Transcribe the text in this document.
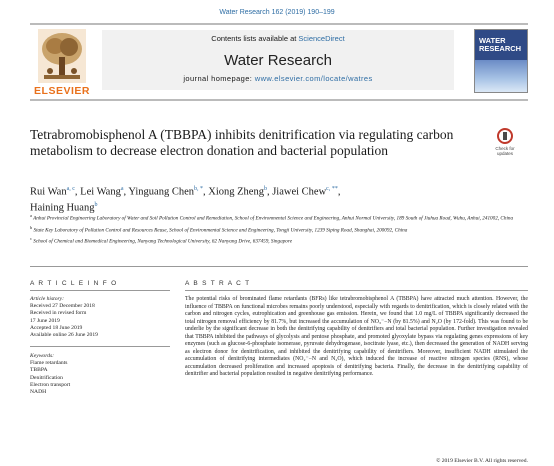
Water Research 162 (2019) 190–199
ELSEVIER
Contents lists available at ScienceDirect
Water Research
journal homepage: www.elsevier.com/locate/watres
WATER RESEARCH
Tetrabromobisphenol A (TBBPA) inhibits denitrification via regulating carbon metabolism to decrease electron donation and bacterial population	Check for updates
Rui Wan$^{a, c}$, Lei Wang$^a$, Yinguang Chen$^{b, *}$, Xiong Zheng$^b$, Jiawei Chew$^{c, **}$,
Haining Huang$^b$

$^a$ Anhui Provincial Engineering Laboratory of Water and Soil Pollution Control and Remediation, School of Environmental Science and Engineering, Anhui Normal University, 189 South of Jiuhua Road, Wuhu, Anhui, 241002, China

$^b$ State Key Laboratory of Pollution Control and Resources Reuse, School of Environmental Science and Engineering, Tongji University, 1239 Siping Road, Shanghai, 200092, China

$^c$ School of Chemical and Biomedical Engineering, Nanyang Technological University, 62 Nanyang Drive, 637459, Singapore

A R T I C L E I N F O	A B S T R A C T
Article history:
Received 27 December 2018
Received in revised form
17 June 2019
Accepted 18 June 2019
Available online 26 June 2019
Keywords:
Flame retardants
TBBPA
Denitrification
Electron transport
NADH
The potential risks of brominated flame retardants (BFRs) like tetrabromobisphenol A (TBBPA) have attracted much attention. However, the influence of TBBPA on functional microbes remains poorly understood, especially with regards to denitrification, which is closely related with the carbon and nitrogen cycles, eutrophication and greenhouse gas emission. Herein, we found that 1.0 mg/L of TBBPA significantly decreased the total nitrogen removal efficiency by 81.7%, but increased the accumulation of NO₃⁻−N (by 81.5%) and N₂O (by 172-fold). This was found to be underlie by the significant decrease in both the denitrifying capability of denitrifiers and total bacterial population. Further investigation revealed that TBBPA inhibited the pathways of glycolysis and pentose phosphate, and promoted glyoxylate bypass via regulating genes expressions of key enzymes (such as glucose-6-phosphate isomerase, pyruvate dehydrogenase, isocitrate lyase, etc.), then decreased the generation of NADH serving as electron donor for denitrification, and inhibited the denitrifying capability of denitrifiers. Moreover, insufficient NADH stimulated the accumulation of denitrifying intermediates (NO₂⁻−N and N₂O), which induced the increase of reactive nitrogen species (RNS), whose accumulation decreased proliferation and increased apoptosis of denitrifying bacteria. Finally, the decrease in the denitrifying capability of denitrifier and bacterial population resulted in negative denitrifying performance.
© 2019 Elsevier B.V. All rights reserved.
